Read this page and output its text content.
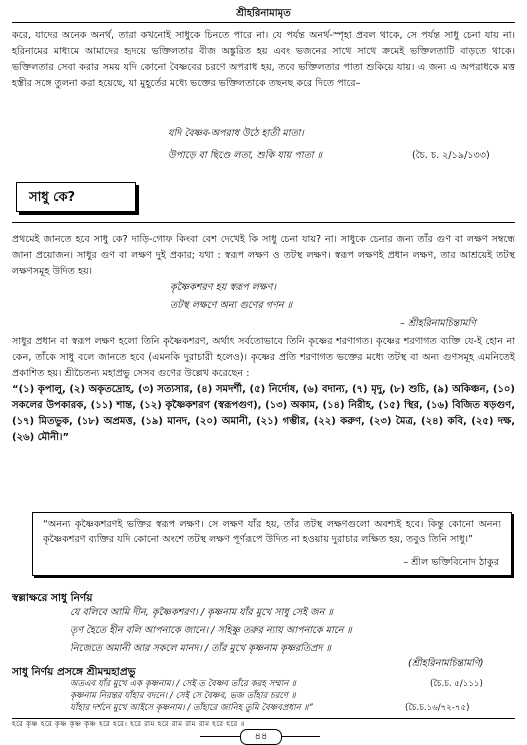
শ্রীহরিনামামৃত

করে, যাদের অনেক অনর্থ, তারা কখনোই সাধুকে চিনতে পারে না। যে পর্যন্ত অনর্থ-স্পৃহা প্রবল থাকে, সে পর্যন্ত সাধু চেনা যায় না। হরিনামের মাধ্যমে আমাদের হৃদয়ে ভক্তিলতার বীজ অঙ্কুরিত হয় এবং ভজনের সাথে সাথে ক্রমেই ভক্তিলতাটি বাড়তে থাকে। ভক্তিলতার সেবা করার সময় যদি কোনো বৈষ্ণবের চরণে অপরাধ হয়, তবে ভক্তিলতার পাতা শুকিয়ে যায়। এ জন্য এ অপরাধকে মত্ত হস্তীর সঙ্গে তুলনা করা হয়েছে, যা মুহূর্তের মধ্যে ভক্তের ভক্তিলতাকে তছনছ করে দিতে পারে–

যদি বৈষ্ণব-অপরাধ উঠে হাতী মাতা।
উপাড়ে বা ছিণ্ডে লতা, শুকি যায় পাতা ॥	(চৈ. চ. ২/১৯/১৩৩)
সাধু কে?

প্রথমেই জানতে হবে সাধু কে? দাড়ি-গোফ কিংবা বেশ দেখেই কি সাধু চেনা যায়? না। সাধুকে চেনার জন্য তাঁর গুণ বা লক্ষণ সম্বন্ধে জানা প্রয়োজন। সাধুর গুণ বা লক্ষণ দুই প্রকার; যথা : স্বরূপ লক্ষণ ও তটস্থ লক্ষণ। স্বরূপ লক্ষণই প্রধান লক্ষণ, তার আশ্রয়েই তটস্থ লক্ষণসমূহ উদিত হয়।

কৃষ্ণৈকশরণ হয় স্বরূপ লক্ষণ।
তটস্থ লক্ষণে অন্য গুণের গণন ॥
– শ্রীহরিনামচিন্তামণি

সাধুর প্রধান বা স্বরূপ লক্ষণ হলো তিনি কৃষ্ণৈকশরণ, অর্থাৎ সর্বতোভাবে তিনি কৃষ্ণের শরণাগত। কৃষ্ণের শরণাগত ব্যক্তি যে-ই হোন না কেন, তাঁকে সাধু বলে জানতে হবে (এমনকি দুরাচারী হলেও)। কৃষ্ণের প্রতি শরণাগত ভক্তের মধ্যে তটস্থ বা অন্য গুণসমূহ এমনিতেই প্রকাশিত হয়। শ্রীচৈতন্য মহাপ্রভু সেসব গুণের উল্লেখ করেছেন :

“(১) কৃপালু, (২) অকৃতদ্রোহ, (৩) সত্যসার, (৪) সমদর্শী, (৫) নির্দোষ, (৬) বদান্য, (৭) মৃদু, (৮) শুচি, (৯) অকিঞ্চন, (১০) সকলের উপকারক, (১১) শান্ত, (১২) কৃষ্ণৈকশরণ (স্বরূপগুণ), (১৩) অকাম, (১৪) নিরীহ, (১৫) স্থির, (১৬) বিজিত ষড়গুণ, (১৭) মিতভুক, (১৮) অপ্রমত্ত, (১৯) মানদ, (২০) অমানী, (২১) গম্ভীর, (২২) করুণ, (২৩) মৈত্র, (২৪) কবি, (২৫) দক্ষ, (২৬) মৌনী।”

“অনন্য কৃষ্ণৈকশরণই ভক্তির স্বরূপ লক্ষণ। সে লক্ষণ যাঁর হয়, তাঁর তটস্থ লক্ষণগুলো অবশ্যই হবে। কিন্তু কোনো অনন্য কৃষ্ণৈকশরণ ব্যক্তির যদি কোনো অংশে তটস্থ লক্ষণ পূর্ণরূপে উদিত না হওয়ায় দুরাচার লক্ষিত হয়, তবুও তিনি সাধু।”

– শ্রীল ভক্তিবিনোদ ঠাকুর
স্বল্লাক্ষরে সাধু নির্ণয়
যে বলিবে আমি দীন, কৃষ্ণৈকশরণ। / কৃষ্ণনাম যাঁর মুখে সাধু সেই জন ॥
তৃণ হৈতে হীন বলি আপনাকে জানে। / সহিষ্ণু তরুর ন্যায় আপনাকে মানে ॥
নিজেতে অমানী আর সকলে মানদ। / তাঁর মুখে কৃষ্ণনাম কৃষ্ণরতিপ্রদ ॥
(শ্রীহরিনামচিন্তামণি)
সাধু নির্ণয় প্রসঙ্গে শ্রীমন্মহাপ্রভু
হরে কৃষ্ণ হরে কৃষ্ণ কৃষ্ণ কৃষ্ণ হরে হরে। হরে রাম হরে রাম রাম রাম হরে হরে ॥
৪৪
অতএব যাঁর মুখে এক কৃষ্ণনাম। / সেই ত বৈষ্ণব তাঁরে করহ সম্মান ॥
কৃষ্ণনাম নিরন্তর যাঁহার বদনে। / সেই সে বৈষ্ণব, ভজ তাঁহার চরণে ॥
যাঁহার দর্শনে মুখে আইসে কৃষ্ণনাম। / তাঁহারে জানিহ তুমি বৈষ্ণবপ্রধান ॥”
(চৈ.চ. ৫/১১১)
(চৈ.চ.১৬/৭২-৭৫)
